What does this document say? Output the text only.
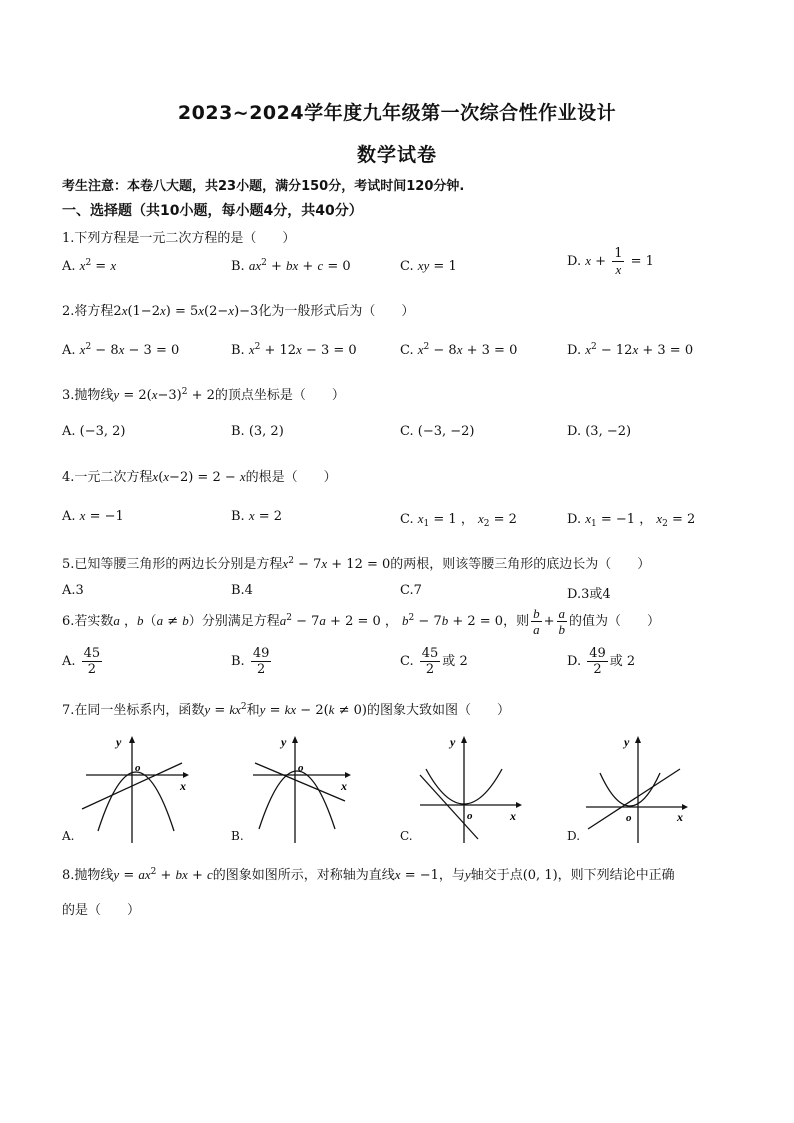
2023~2024学年度九年级第一次综合性作业设计
数学试卷
考生注意：本卷八大题，共23小题，满分150分，考试时间120分钟.
一、选择题（共10小题，每小题4分，共40分）
1.下列方程是一元二次方程的是（　　）
A. $x^2 = x$	B. $ax^2$ + bx + c = 0	C. xy = 1	D. $x + \frac{1}{x} = 1$
2.将方程2x(1−2x) = 5x(2−x)−3化为一般形式后为（　　）
A. $x^2 - 8x - 3 = 0$	B. $x^2 + 12x - 3 = 0$	C. $x^2 - 8x + 3 = 0$	D. $x^2 - 12x + 3 = 0$
3.抛物线$y = 2(x-3)^2 + 2$的顶点坐标是（　　）
A. (−3, 2)	B. (3, 2)	C. (−3, −2)	D. (3, −2)
4.一元二次方程x(x−2) = 2 − x的根是（　　）
A. x = −1	B. x = 2	C. $x_1 = 1$ ， $x_2 = 2$	D. $x_1 = -1$ ， $x_2 = 2$
5.已知等腰三角形的两边长分别是方程$x^2 - 7x + 12 = 0$的两根，则该等腰三角形的底边长为（　　）
A.3	B.4	C.7	D.3或4
6.若实数a ，b（a ≠ b）分别满足方程$a^2 - 7a + 2 = 0$ ， $b^2 - 7b + 2 = 0$，则 $\frac{b}{a} + \frac{a}{b}$ 的值为（　　）
A. $\frac{45}{2}$	B. $\frac{49}{2}$	C. $\frac{45}{2}$ 或 2	D. $\frac{49}{2}$ 或 2
7.在同一坐标系内，函数$y = kx^2$和y = kx − 2(k ≠ 0)的图象大致如图（　　）
y
o
x
A.
y
o
x
B.
y
o	x
C.
y
o	x
D.
8.抛物线$y = ax^2$ + bx + c的图象如图所示，对称轴为直线x = −1，与y轴交于点(0, 1)，则下列结论中正确
的是（　　）
